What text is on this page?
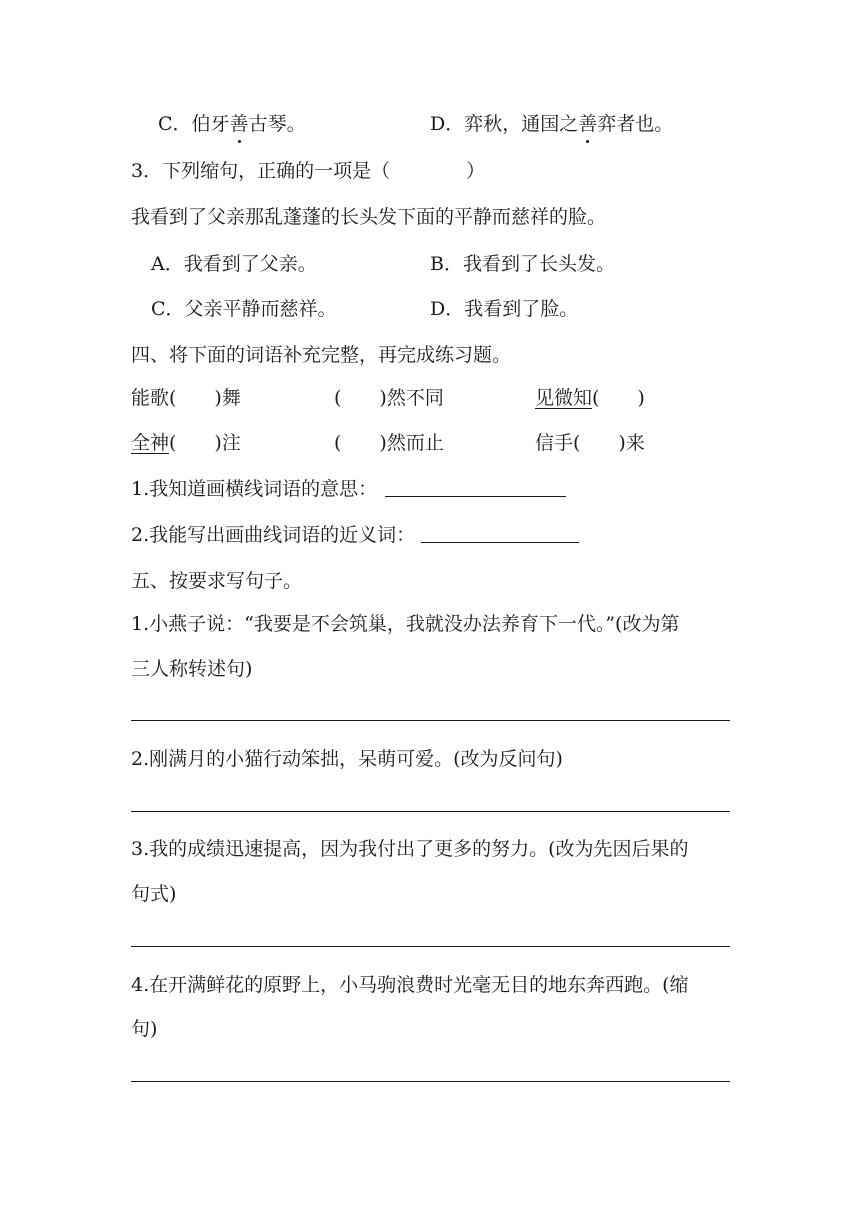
C．伯牙善古琴。	D．弈秋，通国之善弈者也。
3．下列缩句，正确的一项是（　　　　）
我看到了父亲那乱蓬蓬的长头发下面的平静而慈祥的脸。
A．我看到了父亲。	B．我看到了长头发。
C．父亲平静而慈祥。	D．我看到了脸。
四、将下面的词语补充完整，再完成练习题。
能歌(　　)舞	(　　)然不同	见微知(　　)
全神(　　)注	(　　)然而止	信手(　　)来
1.我知道画横线词语的意思：
2.我能写出画曲线词语的近义词：
五、按要求写句子。
1.小燕子说：“我要是不会筑巢，我就没办法养育下一代。”(改为第
三人称转述句)
2.刚满月的小猫行动笨拙，呆萌可爱。(改为反问句)
3.我的成绩迅速提高，因为我付出了更多的努力。(改为先因后果的
句式)
4.在开满鲜花的原野上，小马驹浪费时光毫无目的地东奔西跑。(缩
句)
